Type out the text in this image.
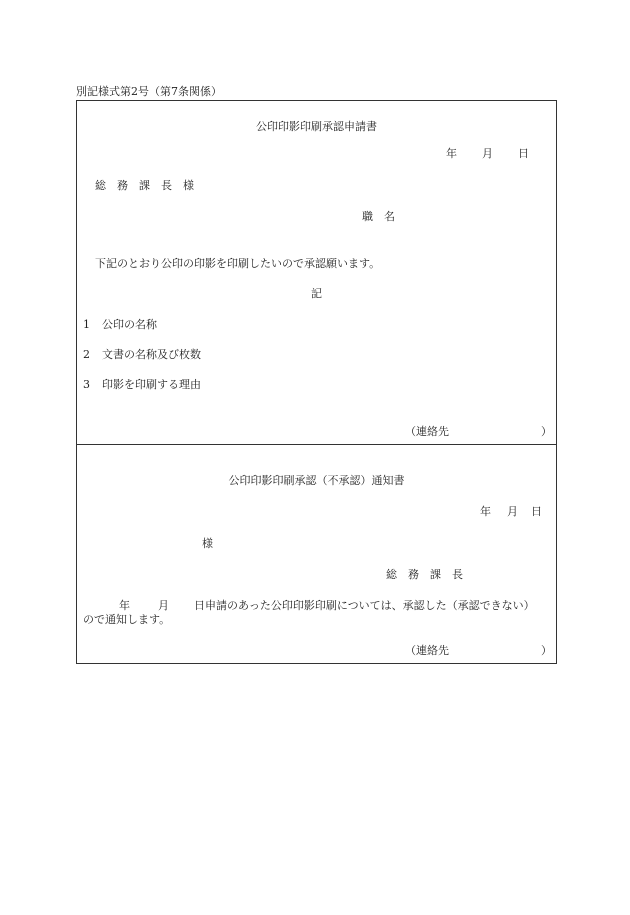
別記様式第2号（第7条関係）
公印印影印刷承認申請書
年 月 日
総　務　課　長　様
職　名
下記のとおり公印の印影を印刷したいので承認願います。
記
1 公印の名称
2 文書の名称及び枚数
3 印影を印刷する理由
（連絡先	）
公印印影印刷承認（不承認）通知書
年 月 日
様
総　務　課　長
年	月 日申請のあった公印印影印刷については、承認した（承認できない）
ので通知します。
（連絡先	）
